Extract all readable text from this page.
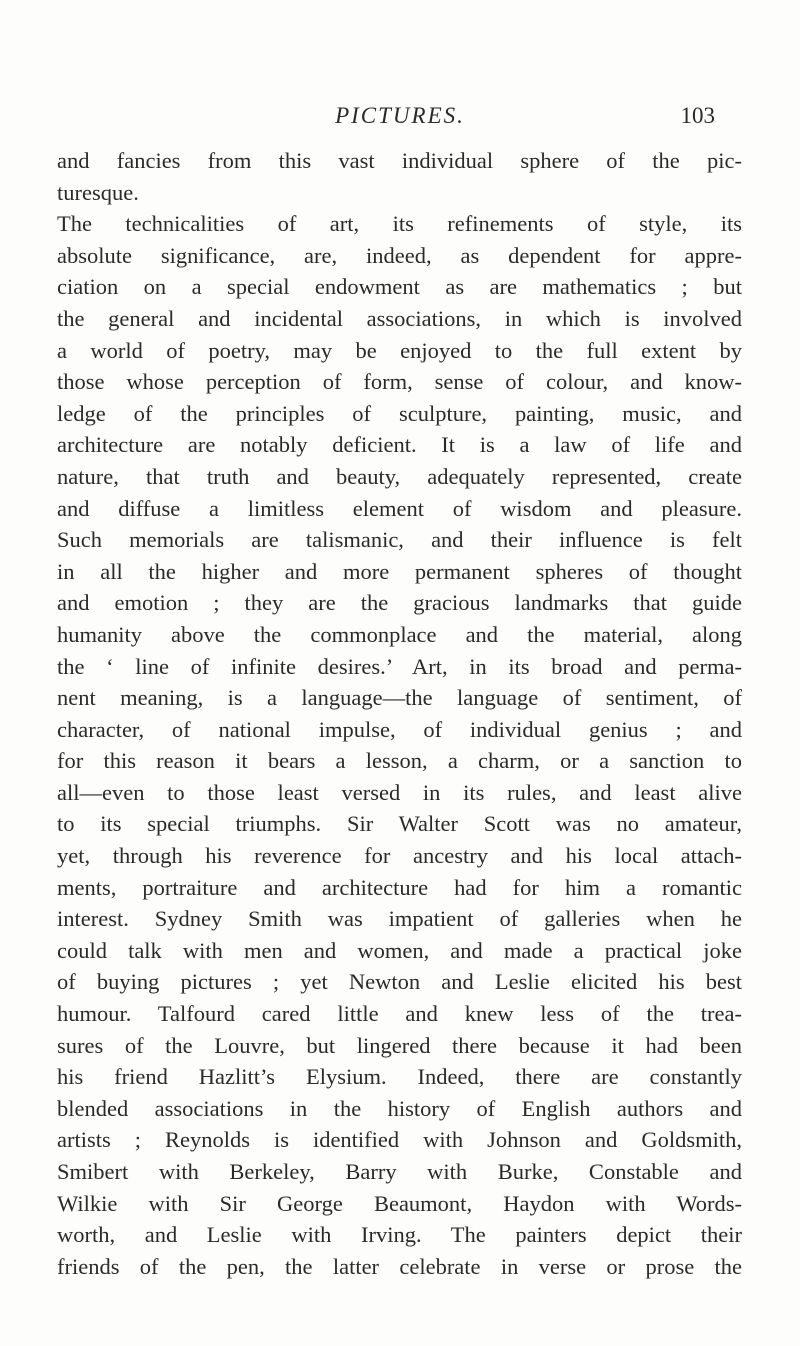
PICTURES.	103
and fancies from this vast individual sphere of the pic-
turesque.
The technicalities of art, its refinements of style, its
absolute significance, are, indeed, as dependent for appre-
ciation on a special endowment as are mathematics ; but
the general and incidental associations, in which is involved
a world of poetry, may be enjoyed to the full extent by
those whose perception of form, sense of colour, and know-
ledge of the principles of sculpture, painting, music, and
architecture are notably deficient. It is a law of life and
nature, that truth and beauty, adequately represented, create
and diffuse a limitless element of wisdom and pleasure.
Such memorials are talismanic, and their influence is felt
in all the higher and more permanent spheres of thought
and emotion ; they are the gracious landmarks that guide
humanity above the commonplace and the material, along
the ‘ line of infinite desires.’ Art, in its broad and perma-
nent meaning, is a language—the language of sentiment, of
character, of national impulse, of individual genius ; and
for this reason it bears a lesson, a charm, or a sanction to
all—even to those least versed in its rules, and least alive
to its special triumphs. Sir Walter Scott was no amateur,
yet, through his reverence for ancestry and his local attach-
ments, portraiture and architecture had for him a romantic
interest. Sydney Smith was impatient of galleries when he
could talk with men and women, and made a practical joke
of buying pictures ; yet Newton and Leslie elicited his best
humour. Talfourd cared little and knew less of the trea-
sures of the Louvre, but lingered there because it had been
his friend Hazlitt’s Elysium. Indeed, there are constantly
blended associations in the history of English authors and
artists ; Reynolds is identified with Johnson and Goldsmith,
Smibert with Berkeley, Barry with Burke, Constable and
Wilkie with Sir George Beaumont, Haydon with Words-
worth, and Leslie with Irving. The painters depict their
friends of the pen, the latter celebrate in verse or prose the
